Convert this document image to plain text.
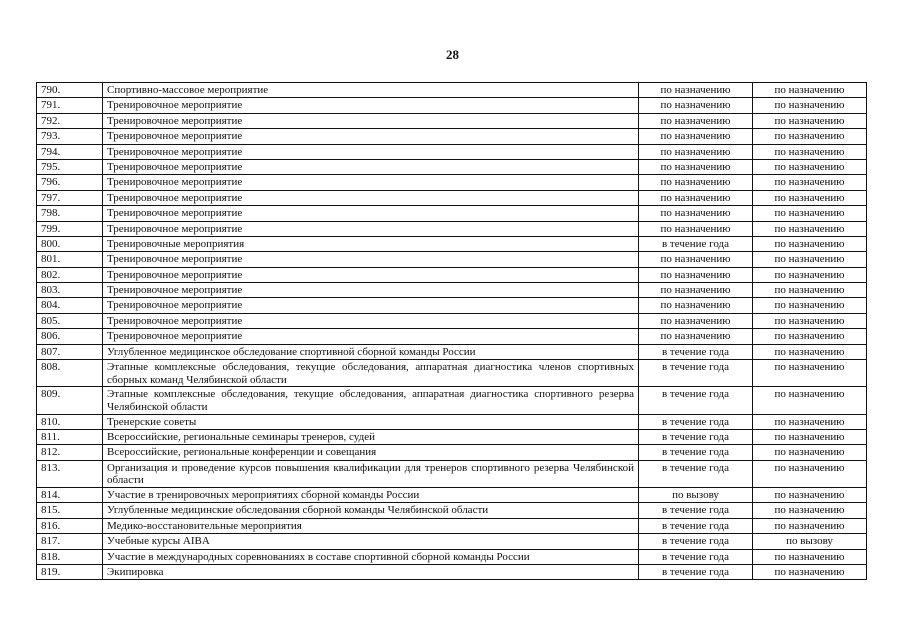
28
790.	Спортивно-массовое мероприятие	по назначению	по назначению
791.	Тренировочное мероприятие	по назначению	по назначению
792.	Тренировочное мероприятие	по назначению	по назначению
793.	Тренировочное мероприятие	по назначению	по назначению
794.	Тренировочное мероприятие	по назначению	по назначению
795.	Тренировочное мероприятие	по назначению	по назначению
796.	Тренировочное мероприятие	по назначению	по назначению
797.	Тренировочное мероприятие	по назначению	по назначению
798.	Тренировочное мероприятие	по назначению	по назначению
799.	Тренировочное мероприятие	по назначению	по назначению
800.	Тренировочные мероприятия	в течение года	по назначению
801.	Тренировочное мероприятие	по назначению	по назначению
802.	Тренировочное мероприятие	по назначению	по назначению
803.	Тренировочное мероприятие	по назначению	по назначению
804.	Тренировочное мероприятие	по назначению	по назначению
805.	Тренировочное мероприятие	по назначению	по назначению
806.	Тренировочное мероприятие	по назначению	по назначению
807.	Углубленное медицинское обследование спортивной сборной команды России	в течение года	по назначению
808.	Этапные комплексные обследования, текущие обследования, аппаратная диагностика членов спортивных сборных команд Челябинской области	в течение года	по назначению
809.	Этапные комплексные обследования, текущие обследования, аппаратная диагностика спортивного резерва Челябинской области	в течение года	по назначению
810.	Тренерские советы	в течение года	по назначению
811.	Всероссийские, региональные семинары тренеров, судей	в течение года	по назначению
812.	Всероссийские, региональные конференции и совещания	в течение года	по назначению
813.	Организация и проведение курсов повышения квалификации для тренеров спортивного резерва Челябинской области	в течение года	по назначению
814.	Участие в тренировочных мероприятиях сборной команды России	по вызову	по назначению
815.	Углубленные медицинские обследования сборной команды Челябинской области	в течение года	по назначению
816.	Медико-восстановительные мероприятия	в течение года	по назначению
817.	Учебные курсы AIBA	в течение года	по вызову
818.	Участие в международных соревнованиях в составе спортивной сборной команды России	в течение года	по назначению
819.	Экипировка	в течение года	по назначению
